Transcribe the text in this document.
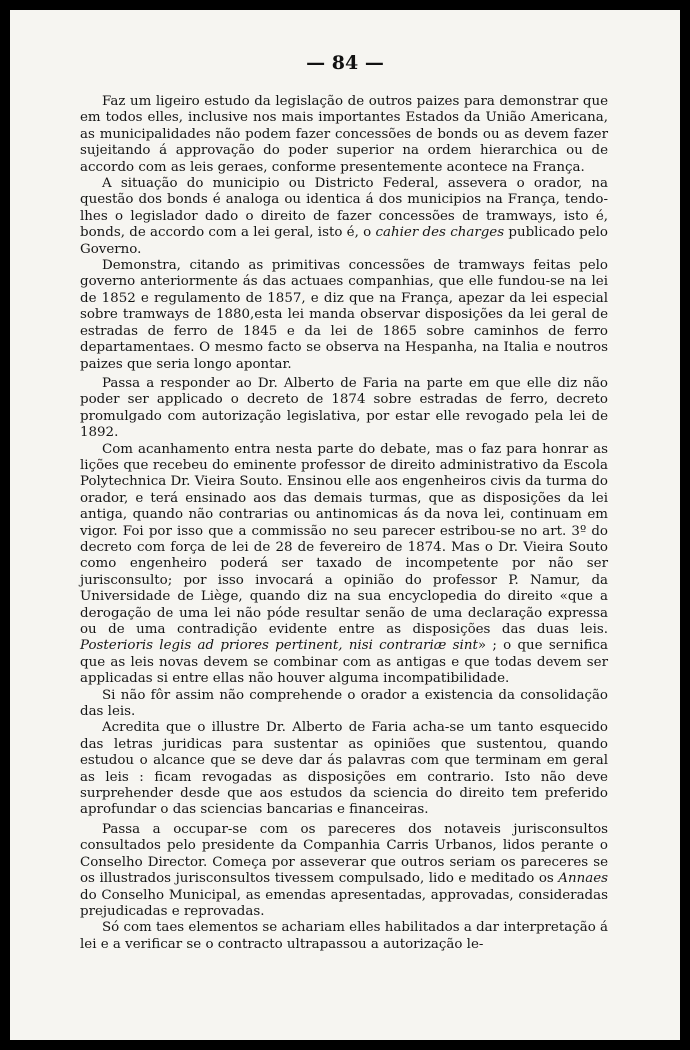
— 84 —

Faz um ligeiro estudo da legislação de outros paizes para demonstrar que em todos elles, inclusive nos mais importantes Estados da União Americana, as municipalidades não podem fazer concessões de bonds ou as devem fazer sujeitando á approvação do poder superior na ordem hierarchica ou de accordo com as leis geraes, conforme presentemente acontece na França.

A situação do municipio ou Districto Federal, assevera o orador, na questão dos bonds é analoga ou identica á dos municipios na França, tendo-lhes o legislador dado o direito de fazer concessões de tramways, isto é, bonds, de accordo com a lei geral, isto é, o cahier des charges publicado pelo Governo.

Demonstra, citando as primitivas concessões de tramways feitas pelo governo anteriormente ás das actuaes companhias, que elle fundou-se na lei de 1852 e regulamento de 1857, e diz que na França, apezar da lei especial sobre tramways de 1880,esta lei manda observar disposições da lei geral de estradas de ferro de 1845 e da lei de 1865 sobre caminhos de ferro departamentaes. O mesmo facto se observa na Hespanha, na Italia e noutros paizes que seria longo apontar.

Passa a responder ao Dr. Alberto de Faria na parte em que elle diz não poder ser applicado o decreto de 1874 sobre estradas de ferro, decreto promulgado com autorização legislativa, por estar elle revogado pela lei de 1892.

Com acanhamento entra nesta parte do debate, mas o faz para honrar as lições que recebeu do eminente professor de direito administrativo da Escola Polytechnica Dr. Vieira Souto. Ensinou elle aos engenheiros civis da turma do orador, e terá ensinado aos das demais turmas, que as disposições da lei antiga, quando não contrarias ou antinomicas ás da nova lei, continuam em vigor. Foi por isso que a commissão no seu parecer estribou-se no art. 3º do decreto com força de lei de 28 de fevereiro de 1874. Mas o Dr. Vieira Souto como engenheiro poderá ser taxado de incompetente por não ser jurisconsulto; por isso invocará a opinião do professor P. Namur, da Universidade de Liège, quando diz na sua encyclopedia do direito «que a derogação de uma lei não póde resultar senão de uma declaração expressa ou de uma contradição evidente entre as disposições das duas leis. Posterioris legis ad priores pertinent, nisi contrariæ sint» ; o que sегnifica que as leis novas devem se combinar com as antigas e que todas devem ser applicadas si entre ellas não houver alguma incompatibilidade.

Si não fôr assim não comprehende o orador a existencia da consolidação das leis.

Acredita que o illustre Dr. Alberto de Faria acha-se um tanto esquecido das letras juridicas para sustentar as opiniões que sustentou, quando estudou o alcance que se deve dar ás palavras com que terminam em geral as leis : ficam revogadas as disposições em contrario. Isto não deve surprehender desde que aos estudos da sciencia do direito tem preferido aprofundar o das sciencias bancarias e financeiras.

Passa a occupar-se com os pareceres dos notaveis jurisconsultos consultados pelo presidente da Companhia Carris Urbanos, lidos perante o Conselho Director. Começa por asseverar que outros seriam os pareceres se os illustrados jurisconsultos tivessem compulsado, lido e meditado os Annaes do Conselho Municipal, as emendas apresentadas, approvadas, consideradas prejudicadas e reprovadas.

Só com taes elementos se achariam elles habilitados a dar interpretação á lei e a verificar se o contracto ultrapassou a autorização le-
